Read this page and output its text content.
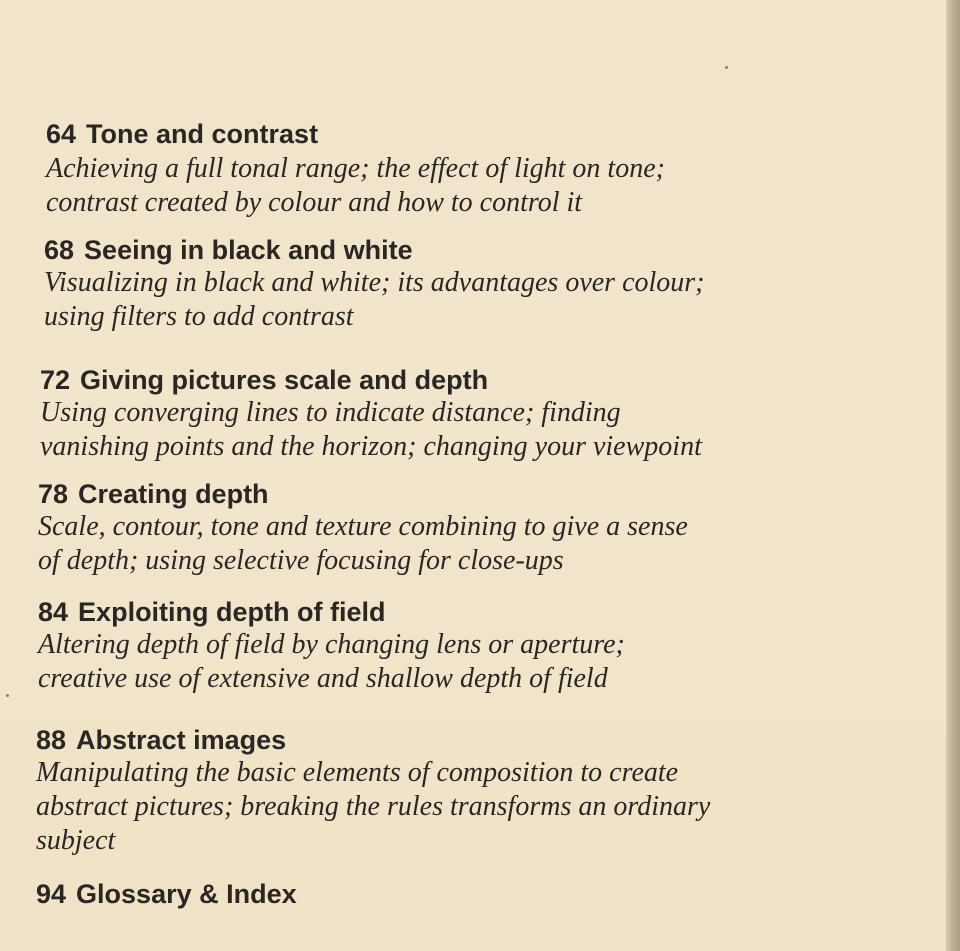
64 Tone and contrast
Achieving a full tonal range; the effect of light on tone;
contrast created by colour and how to control it
68 Seeing in black and white
Visualizing in black and white; its advantages over colour;
using filters to add contrast
72 Giving pictures scale and depth
Using converging lines to indicate distance; finding
vanishing points and the horizon; changing your viewpoint
78 Creating depth
Scale, contour, tone and texture combining to give a sense
of depth; using selective focusing for close-ups
84 Exploiting depth of field
Altering depth of field by changing lens or aperture;
creative use of extensive and shallow depth of field
88 Abstract images
Manipulating the basic elements of composition to create
abstract pictures; breaking the rules transforms an ordinary
subject
94 Glossary & Index
